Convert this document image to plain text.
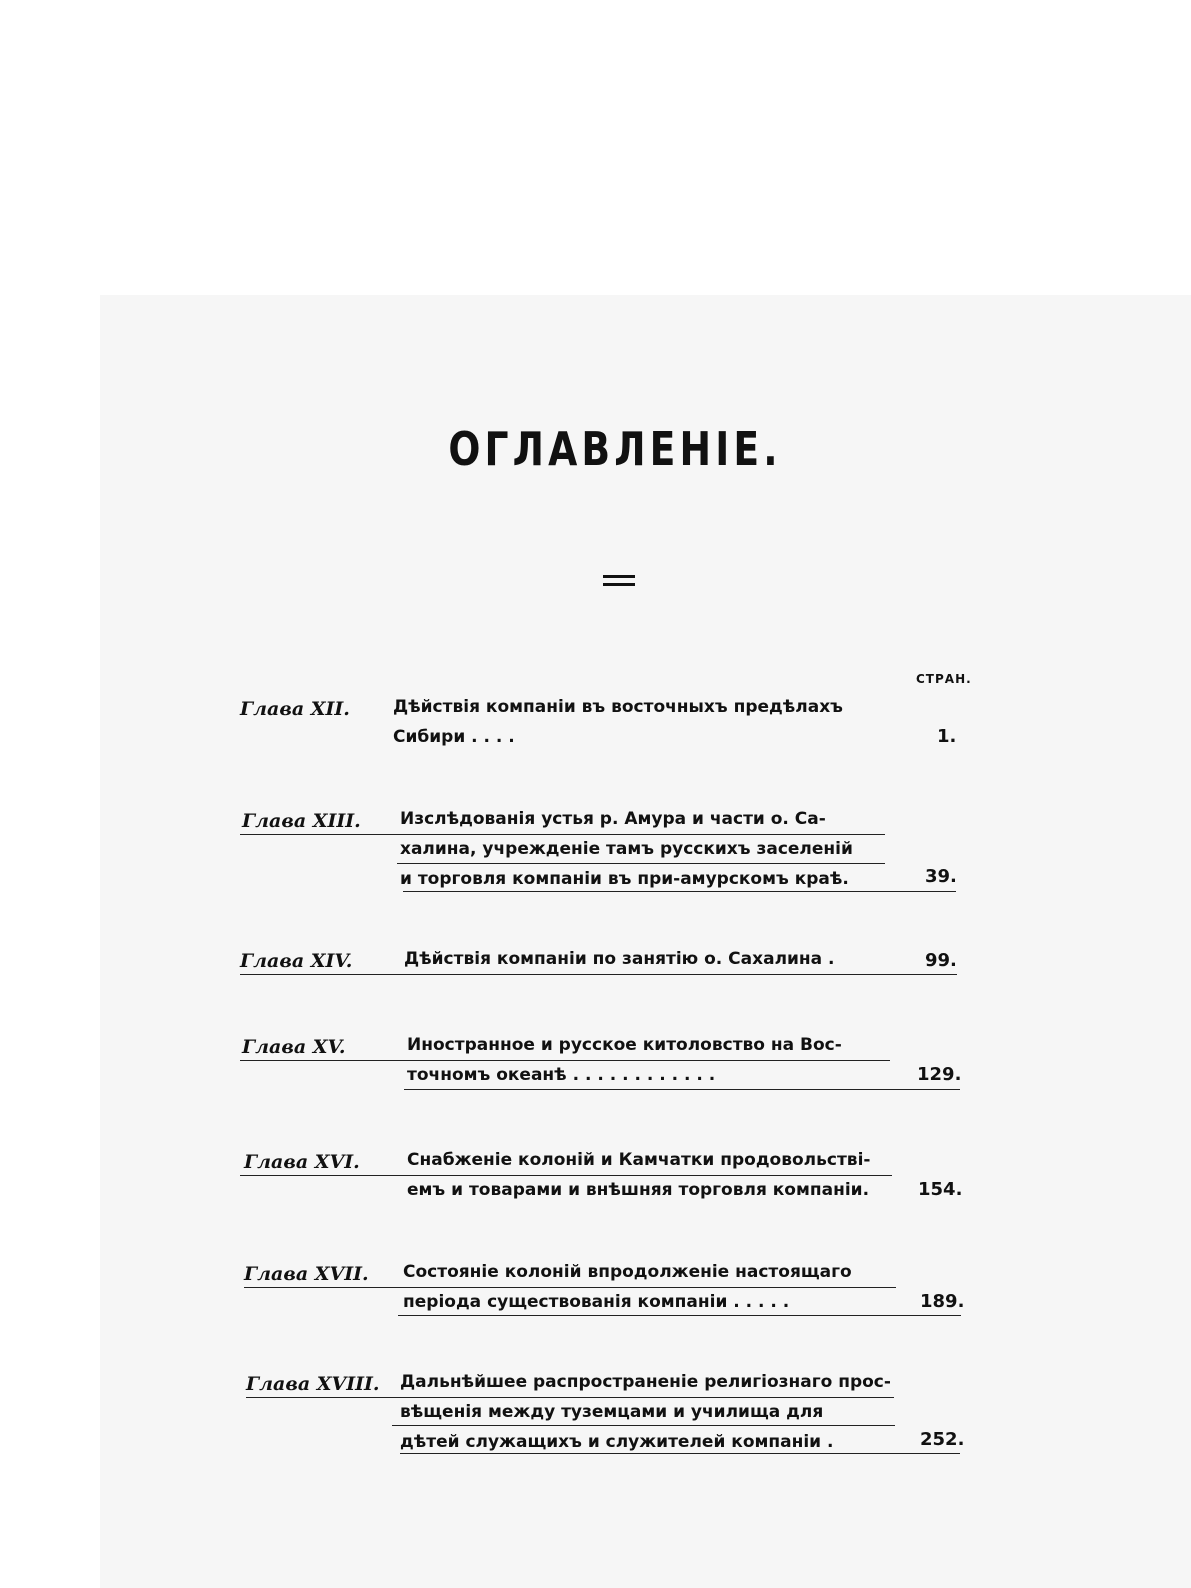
ОГЛАВЛЕНIЕ.
СТРАН.
Глава XII.	Дѣйствiя компанiи въ восточныхъ предѣлахъ
Сибири . . . .	1.
Глава XIII. Изслѣдованiя устья р. Амура и части о. Са-
халина, учрежденiе тамъ русскихъ заселенiй
и торговля компанiи въ при-амурскомъ краѣ.	39.
Глава XIV.	Дѣйствiя компанiи по занятiю о. Сахалина .	99.
Глава XV.	Иностранное и русское китоловство на Вос-
точномъ океанѣ . . . . . . . . . . . .	129.
Глава XVI.	Снабженiе колонiй и Камчатки продовольствi-
емъ и товарами и внѣшняя торговля компанiи.	154.
Глава XVII. Состоянiе колонiй впродолженiе настоящаго
перiода существованiя компанiи . . . . .	189.
Глава XVIII. Дальнѣйшее распространенiе религiознаго прос-
вѣщенiя между туземцами и училища для
дѣтей служащихъ и служителей компанiи .	252.
